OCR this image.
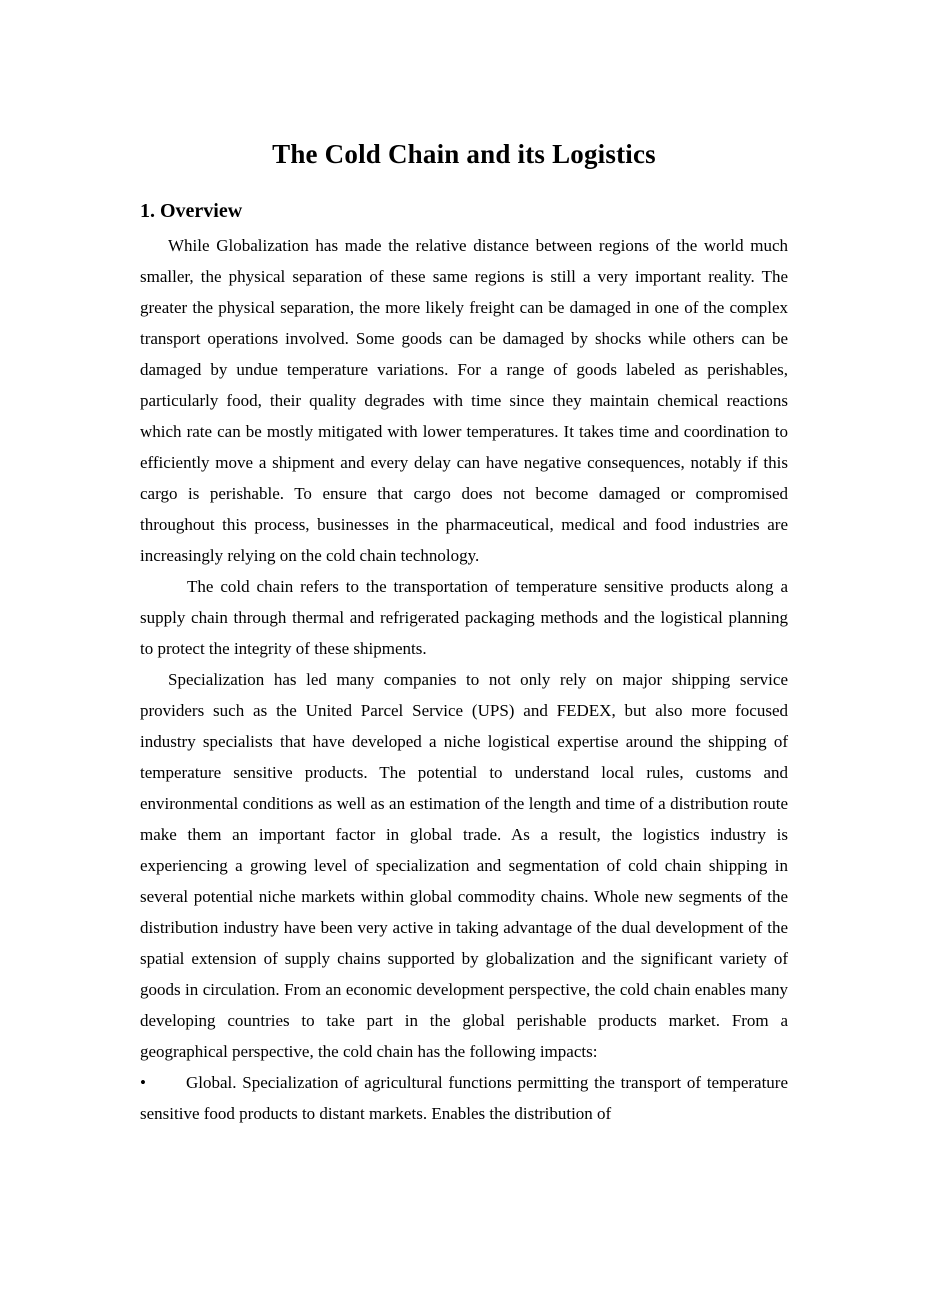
The Cold Chain and its Logistics
1. Overview

While Globalization has made the relative distance between regions of the world much smaller, the physical separation of these same regions is still a very important reality. The greater the physical separation, the more likely freight can be damaged in one of the complex transport operations involved. Some goods can be damaged by shocks while others can be damaged by undue temperature variations. For a range of goods labeled as perishables, particularly food, their quality degrades with time since they maintain chemical reactions which rate can be mostly mitigated with lower temperatures. It takes time and coordination to efficiently move a shipment and every delay can have negative consequences, notably if this cargo is perishable. To ensure that cargo does not become damaged or compromised throughout this process, businesses in the pharmaceutical, medical and food industries are increasingly relying on the cold chain technology.

The cold chain refers to the transportation of temperature sensitive products along a supply chain through thermal and refrigerated packaging methods and the logistical planning to protect the integrity of these shipments.

Specialization has led many companies to not only rely on major shipping service providers such as the United Parcel Service (UPS) and FEDEX, but also more focused industry specialists that have developed a niche logistical expertise around the shipping of temperature sensitive products. The potential to understand local rules, customs and environmental conditions as well as an estimation of the length and time of a distribution route make them an important factor in global trade. As a result, the logistics industry is experiencing a growing level of specialization and segmentation of cold chain shipping in several potential niche markets within global commodity chains. Whole new segments of the distribution industry have been very active in taking advantage of the dual development of the spatial extension of supply chains supported by globalization and the significant variety of goods in circulation. From an economic development perspective, the cold chain enables many developing countries to take part in the global perishable products market. From a geographical perspective, the cold chain has the following impacts:

• Global. Specialization of agricultural functions permitting the transport of temperature sensitive food products to distant markets. Enables the distribution of
